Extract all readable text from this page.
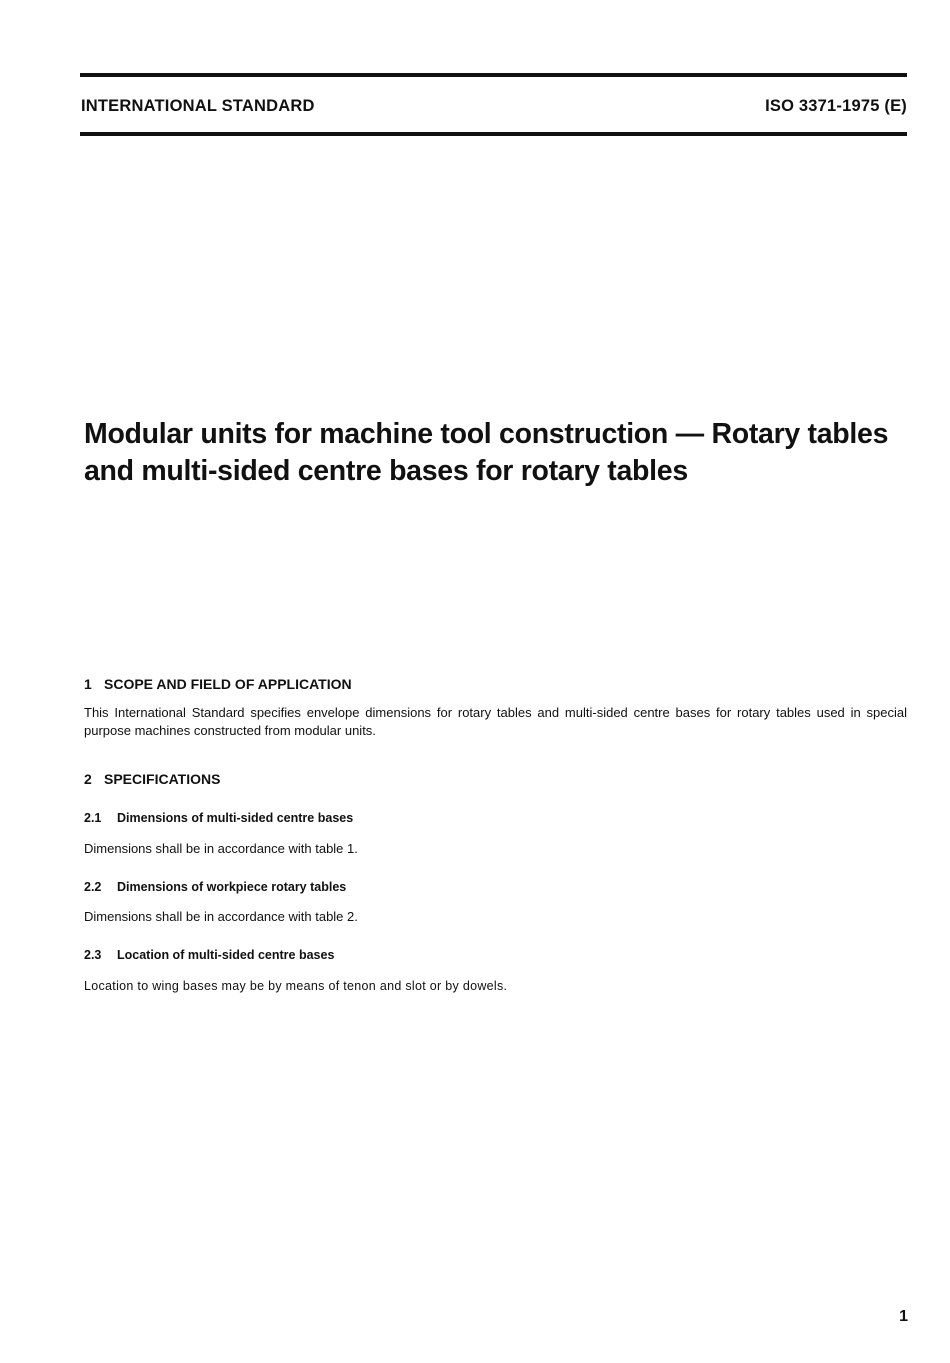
INTERNATIONAL STANDARD	ISO 3371-1975 (E)
Modular units for machine tool construction — Rotary tables
and multi-sided centre bases for rotary tables
1 SCOPE AND FIELD OF APPLICATION

This International Standard specifies envelope dimensions for rotary tables and multi-sided centre bases for rotary tables used in special purpose machines constructed from modular units.

2 SPECIFICATIONS
2.1 Dimensions of multi-sided centre bases

Dimensions shall be in accordance with table 1.

2.2 Dimensions of workpiece rotary tables

Dimensions shall be in accordance with table 2.

2.3 Location of multi-sided centre bases

Location to wing bases may be by means of tenon and slot or by dowels.

1
